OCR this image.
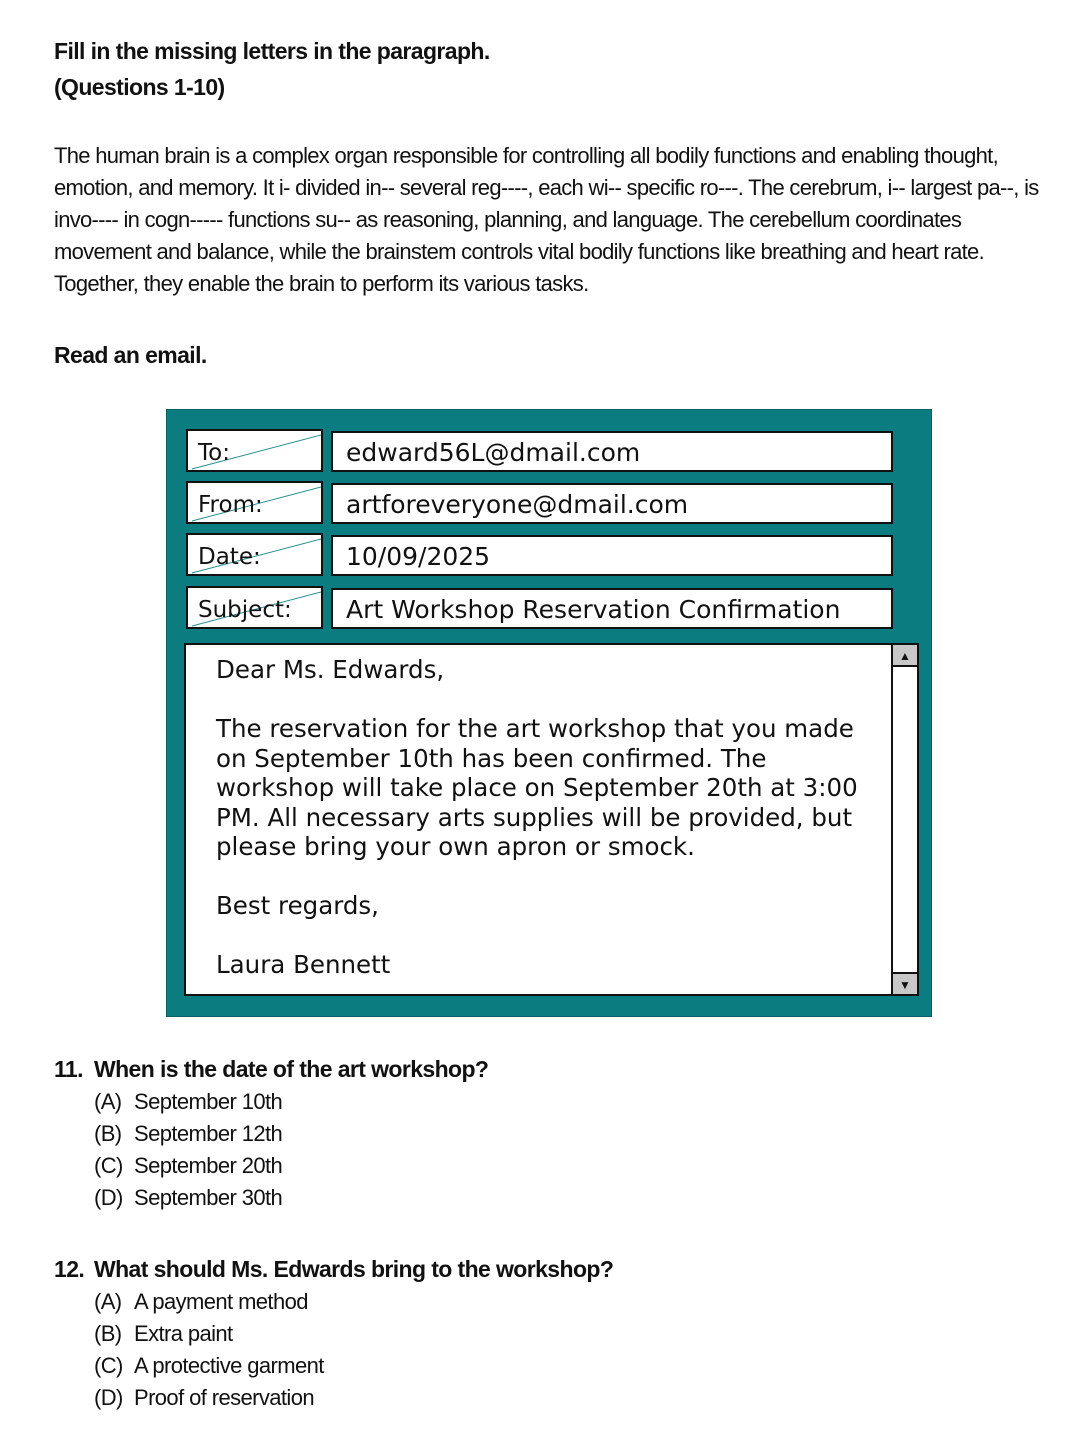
Fill in the missing letters in the paragraph.
(Questions 1-10)

The human brain is a complex organ responsible for controlling all bodily functions and enabling thought, emotion, and memory. It i- divided in-- several reg----, each wi-- specific ro---. The cerebrum, i-- largest pa--, is invo---- in cogn----- functions su-- as reasoning, planning, and language. The cerebellum coordinates movement and balance, while the brainstem controls vital bodily functions like breathing and heart rate. Together, they enable the brain to perform its various tasks.

Read an email.
To:	edward56L@dmail.com
From:	artforeveryone@dmail.com
Date:	10/09/2025
Subject:	Art Workshop Reservation Confirmation

Dear Ms. Edwards,

The reservation for the art workshop that you made on September 10th has been confirmed. The workshop will take place on September 20th at 3:00 PM. All necessary arts supplies will be provided, but please bring your own apron or smock.

Best regards,

Laura Bennett

▲
▼
11. When is the date of the art workshop?
(A) September 10th
(B) September 12th
(C) September 20th
(D) September 30th
12. What should Ms. Edwards bring to the workshop?
(A) A payment method
(B) Extra paint
(C) A protective garment
(D) Proof of reservation
